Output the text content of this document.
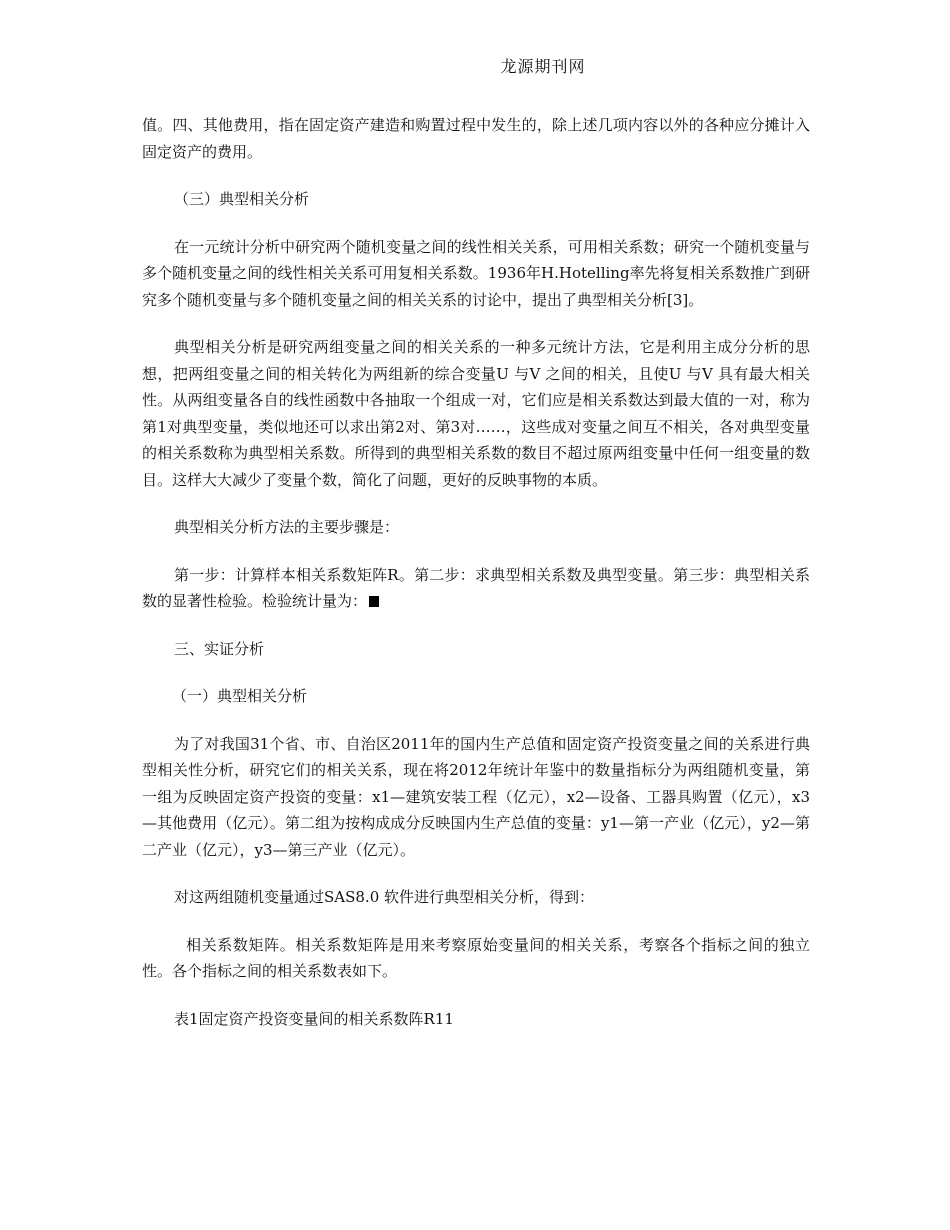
龙源期刊网

值。四、其他费用，指在固定资产建造和购置过程中发生的，除上述几项内容以外的各种应分摊计入固定资产的费用。

（三）典型相关分析

在一元统计分析中研究两个随机变量之间的线性相关关系，可用相关系数；研究一个随机变量与多个随机变量之间的线性相关关系可用复相关系数。1936年H.Hotelling率先将复相关系数推广到研究多个随机变量与多个随机变量之间的相关关系的讨论中，提出了典型相关分析[3]。

典型相关分析是研究两组变量之间的相关关系的一种多元统计方法，它是利用主成分分析的思想，把两组变量之间的相关转化为两组新的综合变量U 与V 之间的相关，且使U 与V 具有最大相关性。从两组变量各自的线性函数中各抽取一个组成一对，它们应是相关系数达到最大值的一对，称为第1对典型变量，类似地还可以求出第2对、第3对……，这些成对变量之间互不相关，各对典型变量的相关系数称为典型相关系数。所得到的典型相关系数的数目不超过原两组变量中任何一组变量的数目。这样大大减少了变量个数，简化了问题，更好的反映事物的本质。

典型相关分析方法的主要步骤是：

第一步：计算样本相关系数矩阵R。第二步：求典型相关系数及典型变量。第三步：典型相关系数的显著性检验。检验统计量为：

三、实证分析

（一）典型相关分析

为了对我国31个省、市、自治区2011年的国内生产总值和固定资产投资变量之间的关系进行典型相关性分析，研究它们的相关关系，现在将2012年统计年鉴中的数量指标分为两组随机变量，第一组为反映固定资产投资的变量：x1—建筑安装工程（亿元），x2—设备、工器具购置（亿元），x3—其他费用（亿元）。第二组为按构成成分反映国内生产总值的变量：y1—第一产业（亿元），y2—第二产业（亿元），y3—第三产业（亿元）。

对这两组随机变量通过SAS8.0 软件进行典型相关分析，得到：

相关系数矩阵。相关系数矩阵是用来考察原始变量间的相关关系，考察各个指标之间的独立性。各个指标之间的相关系数表如下。

表1固定资产投资变量间的相关系数阵R11
